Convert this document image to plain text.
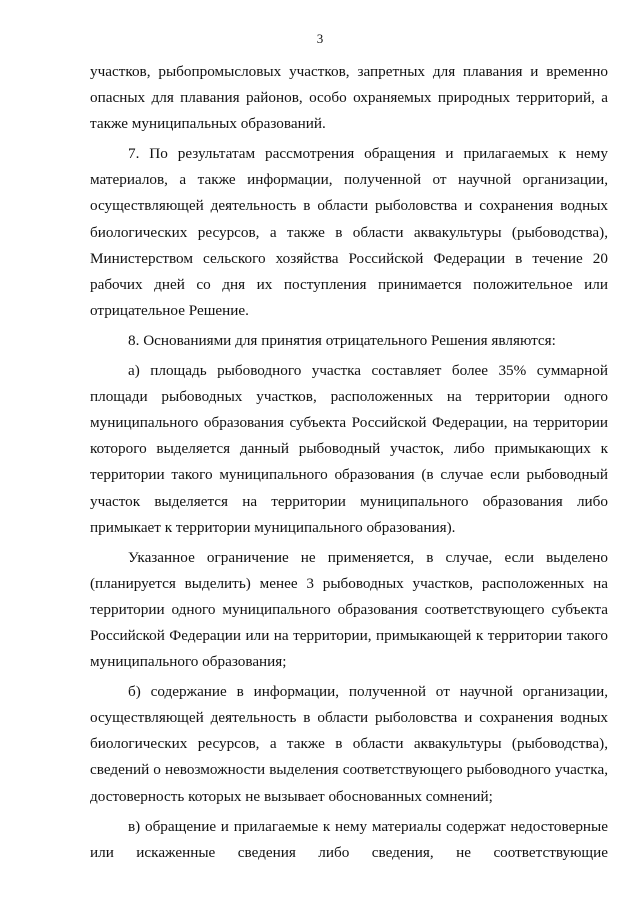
3

участков, рыбопромысловых участков, запретных для плавания и временно опасных для плавания районов, особо охраняемых природных территорий, а также муниципальных образований.

7. По результатам рассмотрения обращения и прилагаемых к нему материалов, а также информации, полученной от научной организации, осуществляющей деятельность в области рыболовства и сохранения водных биологических ресурсов, а также в области аквакультуры (рыбоводства), Министерством сельского хозяйства Российской Федерации в течение 20 рабочих дней со дня их поступления принимается положительное или отрицательное Решение.

8. Основаниями для принятия отрицательного Решения являются:

а) площадь рыбоводного участка составляет более 35% суммарной площади рыбоводных участков, расположенных на территории одного муниципального образования субъекта Российской Федерации, на территории которого выделяется данный рыбоводный участок, либо примыкающих к территории такого муниципального образования (в случае если рыбоводный участок выделяется на территории муниципального образования либо примыкает к территории муниципального образования).

Указанное ограничение не применяется, в случае, если выделено (планируется выделить) менее 3 рыбоводных участков, расположенных на территории одного муниципального образования соответствующего субъекта Российской Федерации или на территории, примыкающей к территории такого муниципального образования;

б) содержание в информации, полученной от научной организации, осуществляющей деятельность в области рыболовства и сохранения водных биологических ресурсов, а также в области аквакультуры (рыбоводства), сведений о невозможности выделения соответствующего рыбоводного участка, достоверность которых не вызывает обоснованных сомнений;

в) обращение и прилагаемые к нему материалы содержат недостоверные или искаженные сведения либо сведения, не соответствующие
